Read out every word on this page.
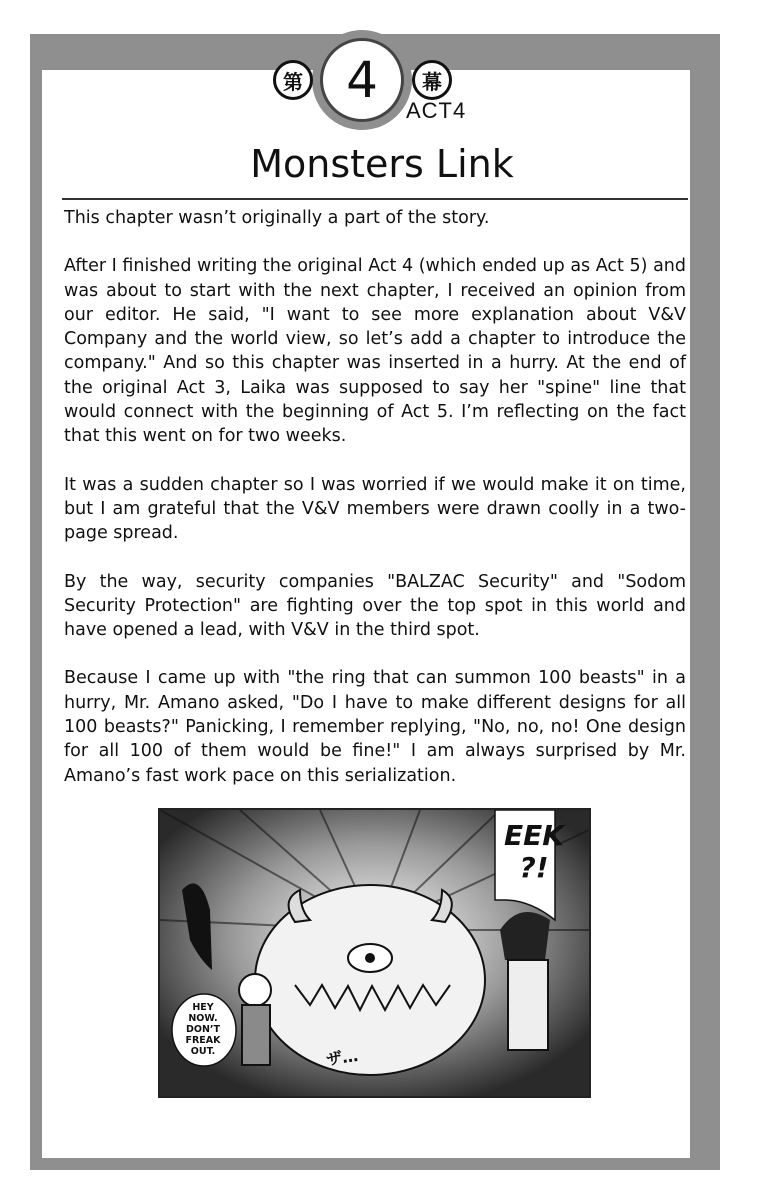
4
第	幕
ACT4
Monsters Link

This chapter wasn’t originally a part of the story.

After I finished writing the original Act 4 (which ended up as Act 5) and was about to start with the next chapter, I received an opinion from our editor. He said, "I want to see more explanation about V&V Company and the world view, so let’s add a chapter to introduce the company." And so this chapter was inserted in a hurry. At the end of the original Act 3, Laika was supposed to say her "spine" line that would connect with the beginning of Act 5. I’m reflecting on the fact that this went on for two weeks.

It was a sudden chapter so I was worried if we would make it on time, but I am grateful that the V&V members were drawn coolly in a two-page spread.

By the way, security companies "BALZAC Security" and "Sodom Security Protection" are fighting over the top spot in this world and have opened a lead, with V&V in the third spot.

Because I came up with "the ring that can summon 100 beasts" in a hurry, Mr. Amano asked, "Do I have to make different designs for all 100 beasts?" Panicking, I remember replying, "No, no, no! One design for all 100 of them would be fine!" I am always surprised by Mr. Amano’s fast work pace on this serialization.

EEK
?!
HEY
NOW.
DON’T
FREAK
OUT.	ザ…
